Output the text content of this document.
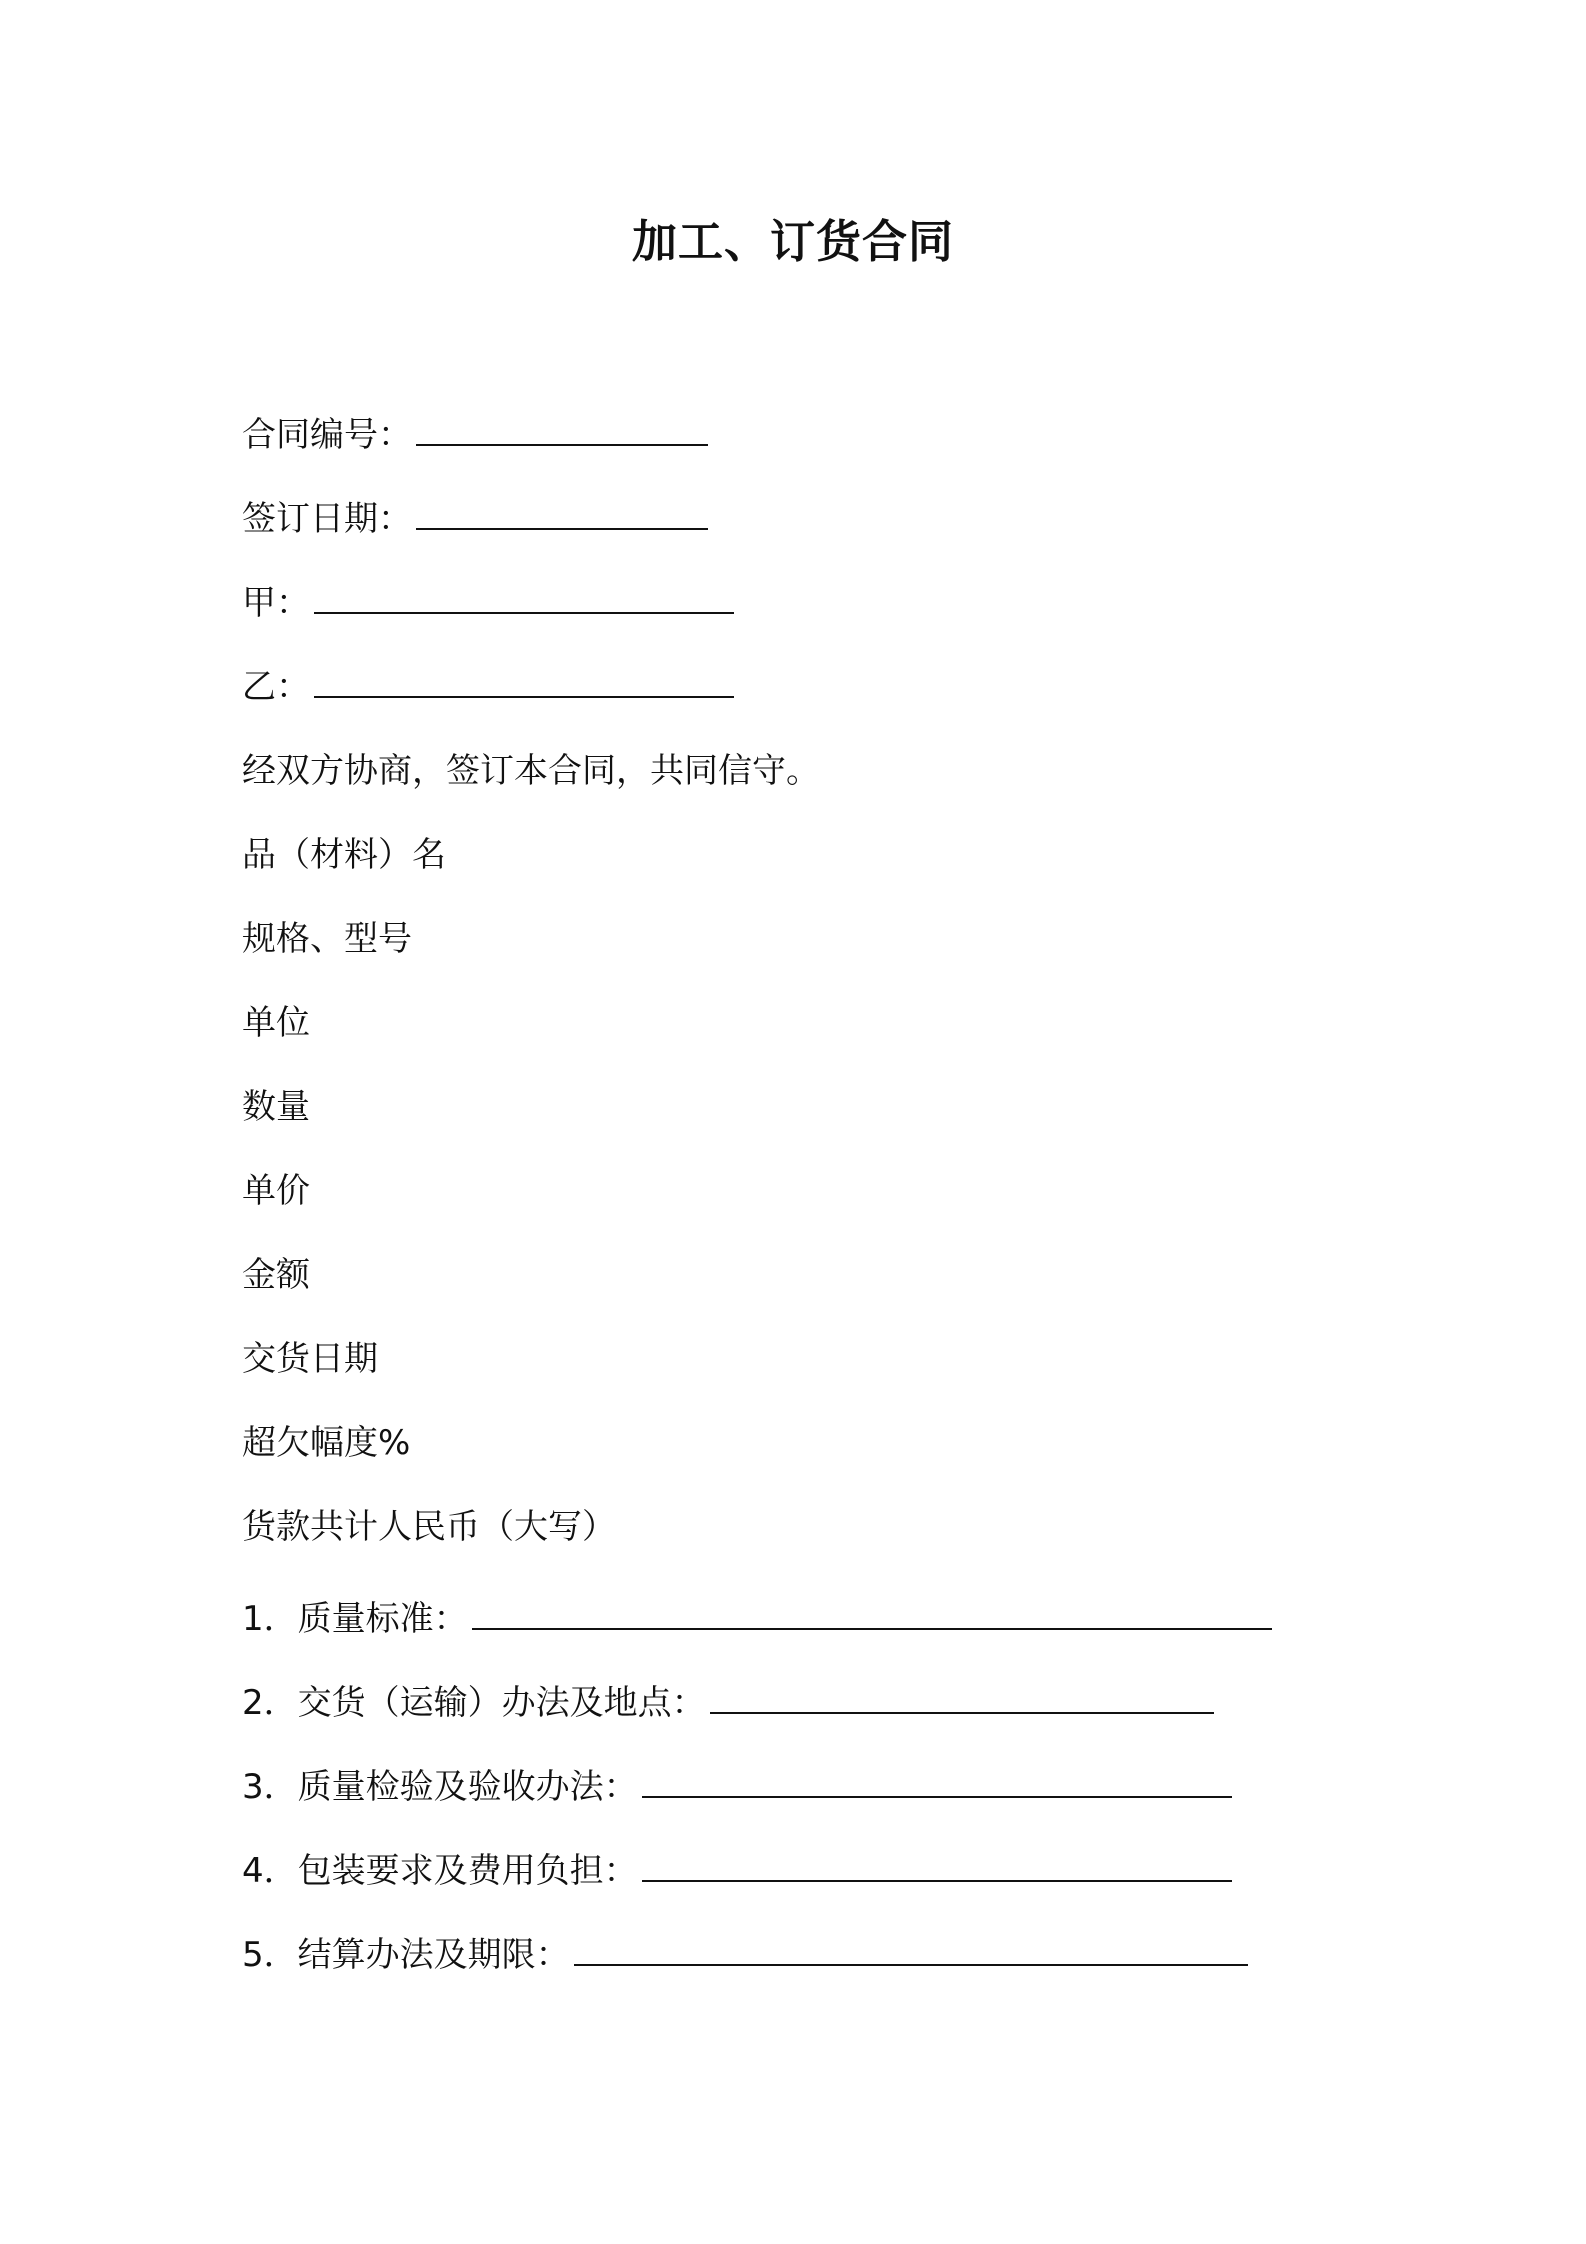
加工、订货合同
合同编号：
签订日期：
甲：
乙：
经双方协商，签订本合同，共同信守。
品（材料）名
规格、型号
单位
数量
单价
金额
交货日期
超欠幅度%
货款共计人民币（大写）
1．质量标准：
2．交货（运输）办法及地点：
3．质量检验及验收办法：
4．包装要求及费用负担：
5．结算办法及期限：
